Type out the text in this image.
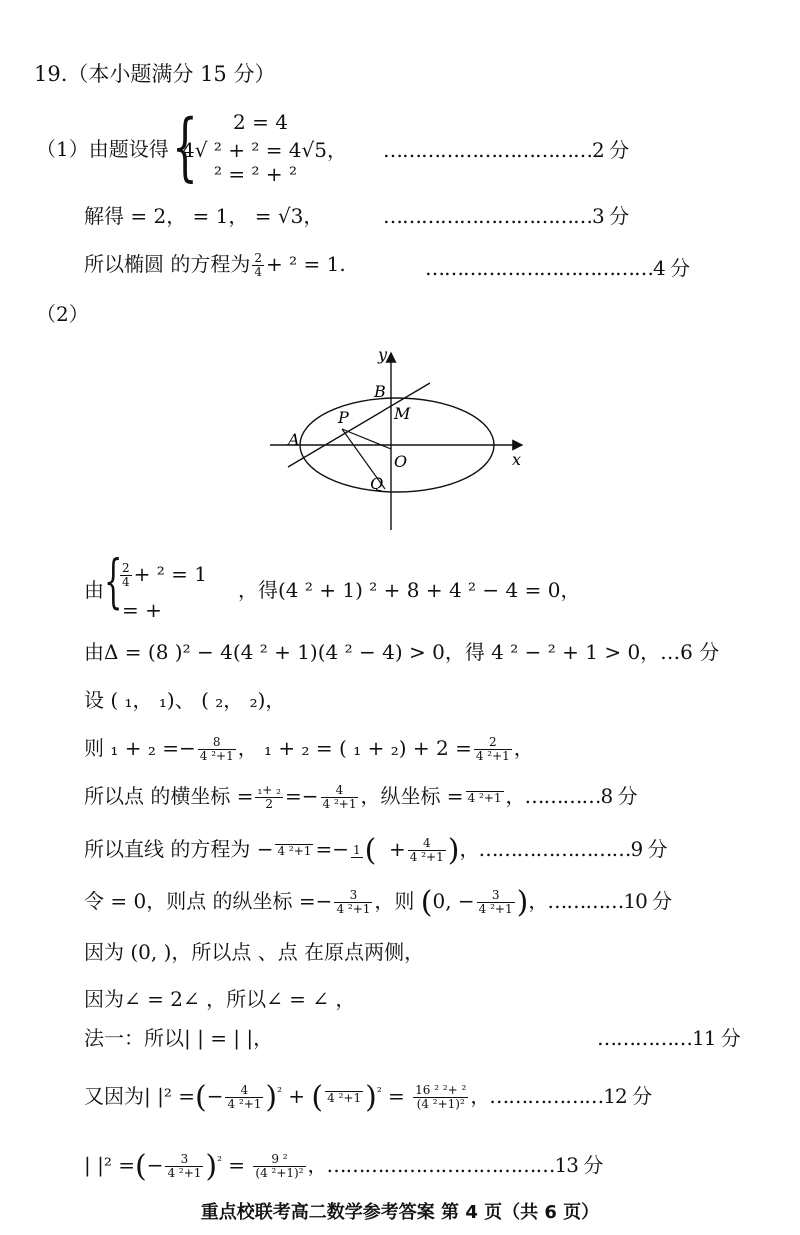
19.（本小题满分 15 分）
（1）由题设得 { 2 = 4
4√ ² + ² = 4√5，
² = ² + ²
……………………………2 分
解得 = 2， = 1， = √3，	……………………………3 分
所以椭圆 的方程为 $\frac{2}{4} + ^2 = 1$.	………………………………4 分
（2）
y
x
B
M
P
A
O
Q
由 {
$\frac{2}{4} + ^2 = 1$
= +
，得(4 ² + 1) ² + 8 + 4 ² − 4 = 0，
由Δ = (8 )² − 4(4 ² + 1)(4 ² − 4) > 0，得 4 ² − ² + 1 > 0，…6 分
设 ( ₁， ₁)、 ( ₂， ₂)，
则 $_1 + _2 =- \frac{8}{\text{4 ²+1}}$ ， ₁ + ₂ = ( $_1 + _2) + 2 = \frac{2}{\text{4 ²+1}}$ ，
所以点 的横坐标 = $\frac{\text{₁+ ₂}}{2} =- \frac{4}{\text{4 ²+1}}$ ，纵坐标 = 4 ²+1 ，…………8 分
所以直线 的方程为 − 4 ²+1 =− 1 ( + $\frac{4}{\text{4 ²+1}}$ )，……………………9 分
令 = 0，则点 的纵坐标 =− $\frac{3}{\text{4 ²+1}}$ ，则 (0, − $\frac{3}{\text{4 ²+1}}$ )，…………10 分
因为 (0, )，所以点 、点 在原点两侧，
因为∠ = 2∠ ，所以∠ = ∠ ，
法一：所以| | = | |，	……………11 分
又因为| |² =(− $\frac{4}{\text{4 ²+1}} )^{^2}$ + ( 4 ²+1 )$^{^2} = \frac{\text{16 ² ²+ ²}}{\text{(4 ²+1)²}}$ ，………………12 分
| |² =(− $\frac{3}{\text{4 ²+1}} )^{^2} = \frac{\text{9 ²}}{\text{(4 ²+1)²}}$ ，………………………………13 分
重点校联考高二数学参考答案 第 4 页（共 6 页）
